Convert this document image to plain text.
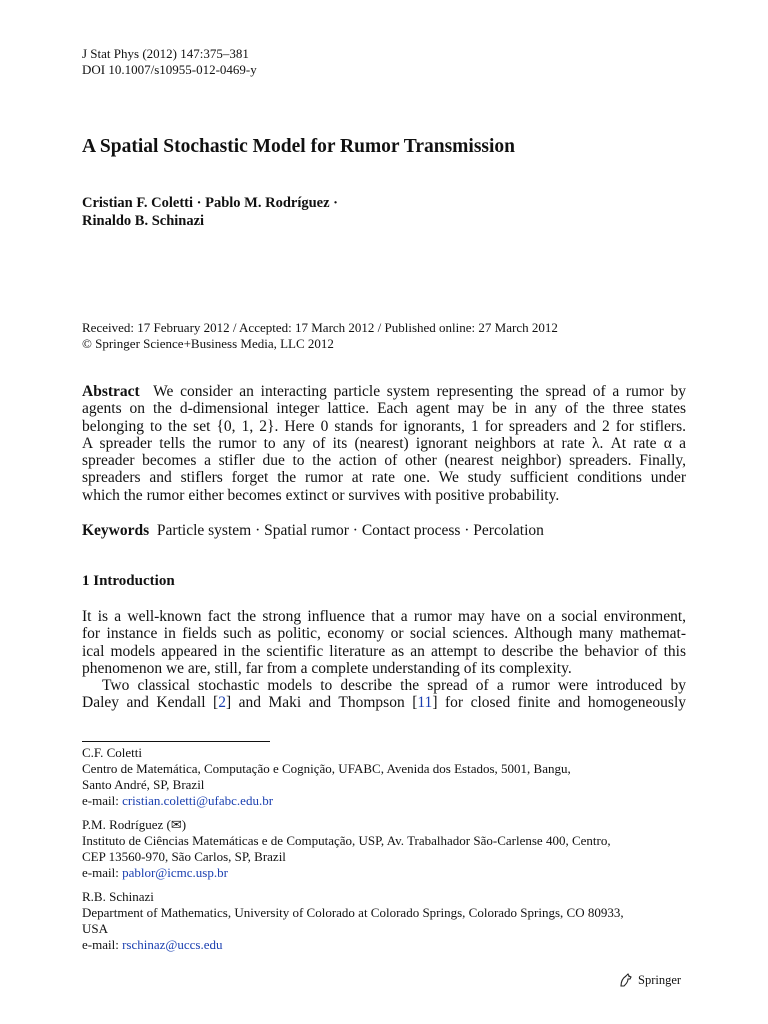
J Stat Phys (2012) 147:375–381
DOI 10.1007/s10955-012-0469-y
A Spatial Stochastic Model for Rumor Transmission
Cristian F. Coletti · Pablo M. Rodríguez ·
Rinaldo B. Schinazi
Received: 17 February 2012 / Accepted: 17 March 2012 / Published online: 27 March 2012
© Springer Science+Business Media, LLC 2012
Abstract We consider an interacting particle system representing the spread of a rumor by
agents on the d-dimensional integer lattice. Each agent may be in any of the three states
belonging to the set {0, 1, 2}. Here 0 stands for ignorants, 1 for spreaders and 2 for stiflers.
A spreader tells the rumor to any of its (nearest) ignorant neighbors at rate λ. At rate α a
spreader becomes a stifler due to the action of other (nearest neighbor) spreaders. Finally,
spreaders and stiflers forget the rumor at rate one. We study sufficient conditions under
which the rumor either becomes extinct or survives with positive probability.
Keywords Particle system · Spatial rumor · Contact process · Percolation
1 Introduction
It is a well-known fact the strong influence that a rumor may have on a social environment,
for instance in fields such as politic, economy or social sciences. Although many mathemat-
ical models appeared in the scientific literature as an attempt to describe the behavior of this
phenomenon we are, still, far from a complete understanding of its complexity.
Two classical stochastic models to describe the spread of a rumor were introduced by
Daley and Kendall [2] and Maki and Thompson [11] for closed finite and homogeneously
C.F. Coletti
Centro de Matemática, Computação e Cognição, UFABC, Avenida dos Estados, 5001, Bangu,
Santo André, SP, Brazil
e-mail: cristian.coletti@ufabc.edu.br
P.M. Rodríguez (✉)
Instituto de Ciências Matemáticas e de Computação, USP, Av. Trabalhador São-Carlense 400, Centro,
CEP 13560-970, São Carlos, SP, Brazil
e-mail: pablor@icmc.usp.br
R.B. Schinazi
Department of Mathematics, University of Colorado at Colorado Springs, Colorado Springs, CO 80933,
USA
e-mail: rschinaz@uccs.edu
Springer
